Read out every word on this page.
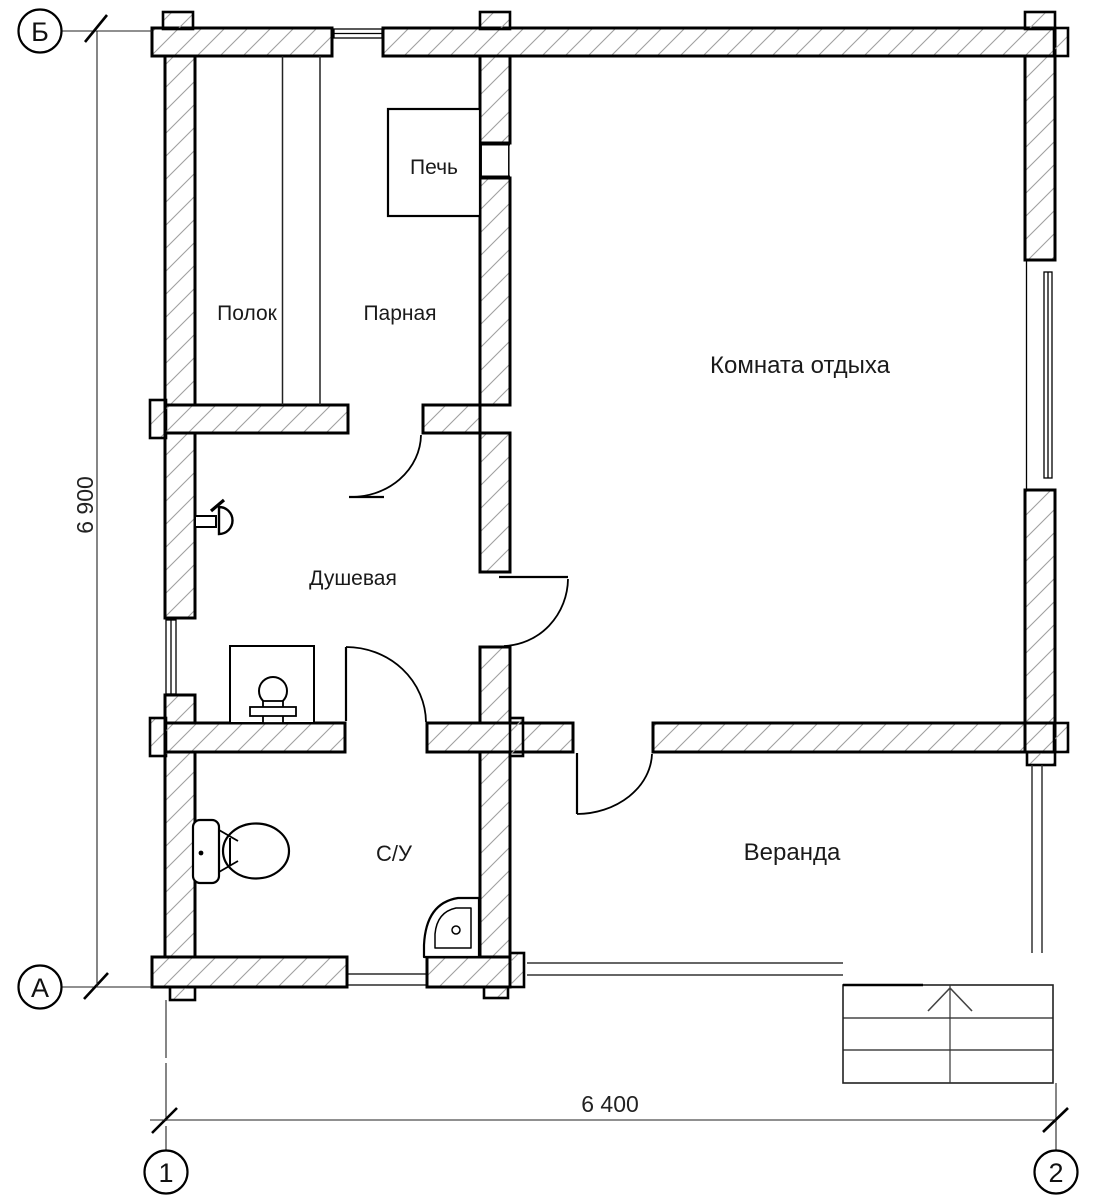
Б
А
6 900
1	2
6 400
Печь
Полок	Парная
Комната отдыха
Душевая
С/У	Веранда
